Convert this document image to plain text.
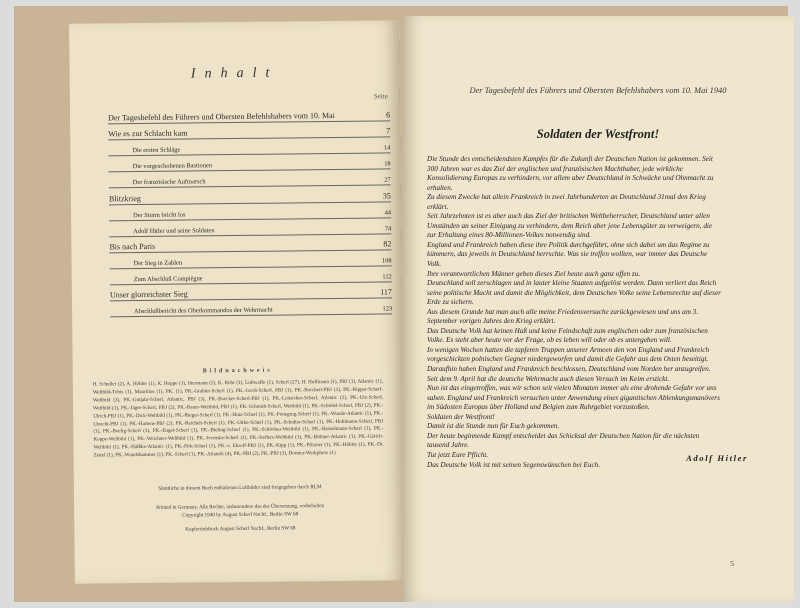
Inhalt
Seite
Der Tagesbefehl des Führers und Obersten Befehlshabers vom 10. Mai	6
Wie es zur Schlacht kam	7
Die ersten Schläge	14
Die vorgeschobenen Bastionen	18
Der französische Aufmarsch	27
Blitzkrieg	35
Der Sturm bricht los	44
Adolf Hitler und seine Soldaten	74
Bis nach Paris	82
Der Sieg in Zahlen	108
Zum Abschluß Compiègne	112
Unser glorreichster Sieg	117
Abschlußbericht des Oberkommandos der Wehrmacht	123
Bildnachweis
H. Schuller (2), A. Höhler (1), K. Hoppe (1), Ittermann (2), K. Röhr (1), Luftwaffe (1), Scherl (27), H. Hoffmann (1), PBJ (1), Atlantic (1), Weltbild-Tobis (1), Mauritius (1), PK. (1), PK.-Grabler-Scherl (1), PK.-Jacob-Scherl, PBJ (1), PK.-Borchert-PBJ (1), PK.-Ripper-Scherl-Weltbild (3), PK.-Gutjahr-Scherl, Atlantic, PBJ (3), PK.-Boecker-Scherl-PBJ (1), PK.-Leitsicher-Scherl, Atlantic (1), PK.-Utz-Scherl, Weltbild (1), PK.-Jäger-Scherl, PBJ (2), PK.-Bauer-Weltbild, PBJ (1), PK.-Schmidt-Scherl, Weltbild (1), PK.-Schödel-Scherl, PBJ (2), PK.-Ulrich-PBJ (1), PK.-Dick-Weltbild (1), PK.-Rieger-Scherl (1), PK.-Hutz-Scherl (1), PK.-Ponegrug-Scherl (1), PK.-Wunde-Atlantic (1), PK.-Utrecht-PBJ (1), PK.-Hartens-PBJ (2), PK.-Reichelt-Scherl (1), PK.-Uttke-Scherl (1), PK.-Schulter-Scherl (1), PK.-Hohlmann-Scherl, PBJ (1), PK.-Boelig-Scherl (1), PK.-Engel-Scherl (1), PK.-Bieling-Scherl (1), PK.-Schloltau-Weltbild (1), PK.-Hanselmann-Scherl (1), PK.-Koppe-Weltbild (1), PK.-Weichner-Weltbild (1), PK.-Jvernske-Scherl (1), PK.-Ireflers-Weltbild (1), PK.-Büttner-Atlantic (1), PK.-Gärich-Weltbild (1), PK.-Hälßke-Atlantic (1), PK.-Pirk-Scherl (1), PK.-v. Ekroff-PBJ (1), PK.-Kipp (1), PK.-Pfitzner (1), PK.-Hülitte (1), PK.-Dr. Zettel (1), PK.-Wundshammer (1), PK.-Scherl (1), PK.-Atlantik (4), PK.-PBJ (2), PK.-PBJ (3), Dornier-Werkphoto (1)
Sämtliche in diesem Buch enthaltenen Luftbilder sind freigegeben durch RLM
Printed in Germany. Alle Rechte, insbesondere das der Übersetzung, vorbehalten
Copyright 1940 by August Scherl Nachf., Berlin SW 68
Kupfertiefdruck August Scherl Nachf., Berlin SW 68
Der Tagesbefehl des Führers und Obersten Befehlshabers vom 10. Mai 1940
Soldaten der Westfront!

Die Stunde des entscheidendsten Kampfes für die Zukunft der Deutschen Nation ist gekommen. Seit 300 Jahren war es das Ziel der englischen und französischen Machthaber, jede wirkliche Konsolidierung Europas zu verhindern, vor allem aber Deutschland in Schwäche und Ohnmacht zu erhalten.

Zu diesem Zwecke hat allein Frankreich in zwei Jahrhunderten an Deutschland 31mal den Krieg erklärt.

Seit Jahrzehnten ist es aber auch das Ziel der britischen Weltbeherrscher, Deutschland unter allen Umständen an seiner Einigung zu verhindern, dem Reich aber jene Lebensgüter zu verweigern, die zur Erhaltung eines 80-Millionen-Volkes notwendig sind.

England und Frankreich haben diese ihre Politik durchgeführt, ohne sich dabei um das Regime zu kümmern, das jeweils in Deutschland herrschte. Was sie treffen wollten, war immer das Deutsche Volk.

Ihre verantwortlichen Männer geben dieses Ziel heute auch ganz offen zu.

Deutschland soll zerschlagen und in lauter kleine Staaten aufgelöst werden. Dann verliert das Reich seine politische Macht und damit die Möglichkeit, dem Deutschen Volke seine Lebensrechte auf dieser Erde zu sichern.

Aus diesem Grunde hat man auch alle meine Friedensversuche zurückgewiesen und uns am 3. September vorigen Jahres den Krieg erklärt.

Das Deutsche Volk hat keinen Haß und keine Feindschaft zum englischen oder zum französischen Volke. Es steht aber heute vor der Frage, ob es leben will oder ob es untergehen will.

In wenigen Wochen hatten die tapferen Truppen unserer Armeen den von England und Frankreich vorgeschickten polnischen Gegner niedergeworfen und damit die Gefahr aus dem Osten beseitigt. Daraufhin haben England und Frankreich beschlossen, Deutschland vom Norden her anzugreifen.

Seit dem 9. April hat die deutsche Wehrmacht auch diesen Versuch im Keim erstickt.

Nun ist das eingetroffen, was wir schon seit vielen Monaten immer als eine drohende Gefahr vor uns sahen. England und Frankreich versuchen unter Anwendung eines gigantischen Ablenkungsmanövers im Südosten Europas über Holland und Belgien zum Ruhrgebiet vorzustoßen.

Soldaten der Westfront!

Damit ist die Stunde nun für Euch gekommen.

Der heute beginnende Kampf entscheidet das Schicksal der Deutschen Nation für die nächsten tausend Jahre.

Tut jetzt Eure Pflicht.

Das Deutsche Volk ist mit seinen Segenswünschen bei Euch.

Adolf Hitler
5
